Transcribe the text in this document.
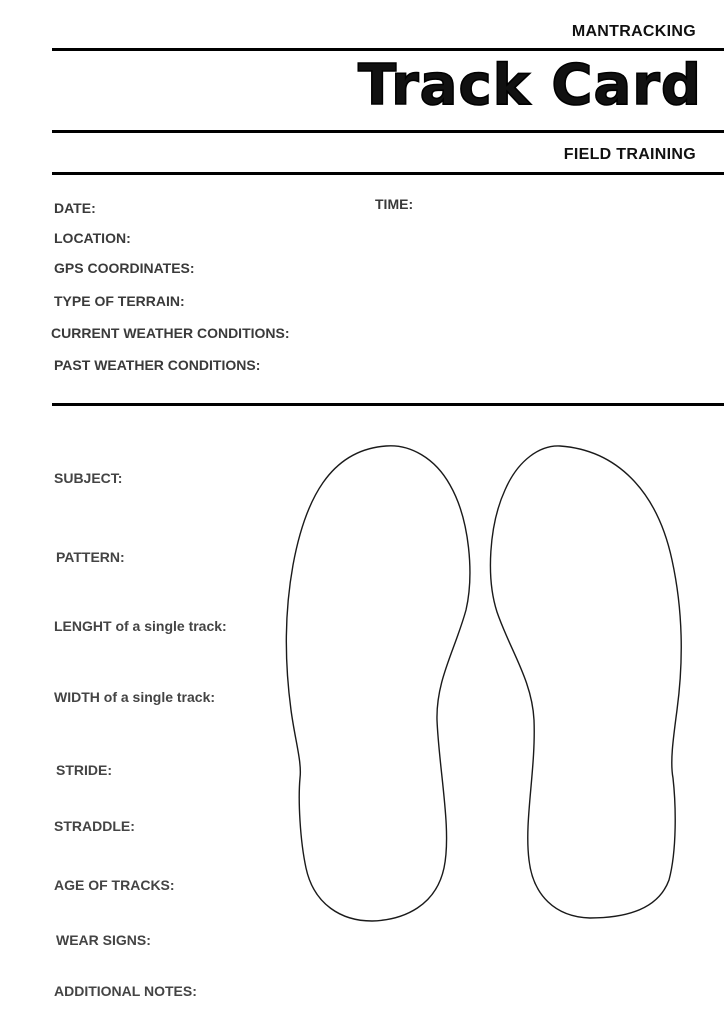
MANTRACKING
Track Card
FIELD TRAINING
DATE:	TIME:
LOCATION:
GPS COORDINATES:
TYPE OF TERRAIN:
CURRENT WEATHER CONDITIONS:
PAST WEATHER CONDITIONS:
SUBJECT:
PATTERN:
LENGHT of a single track:
WIDTH of a single track:
STRIDE:
STRADDLE:
AGE OF TRACKS:
WEAR SIGNS:
ADDITIONAL NOTES:
